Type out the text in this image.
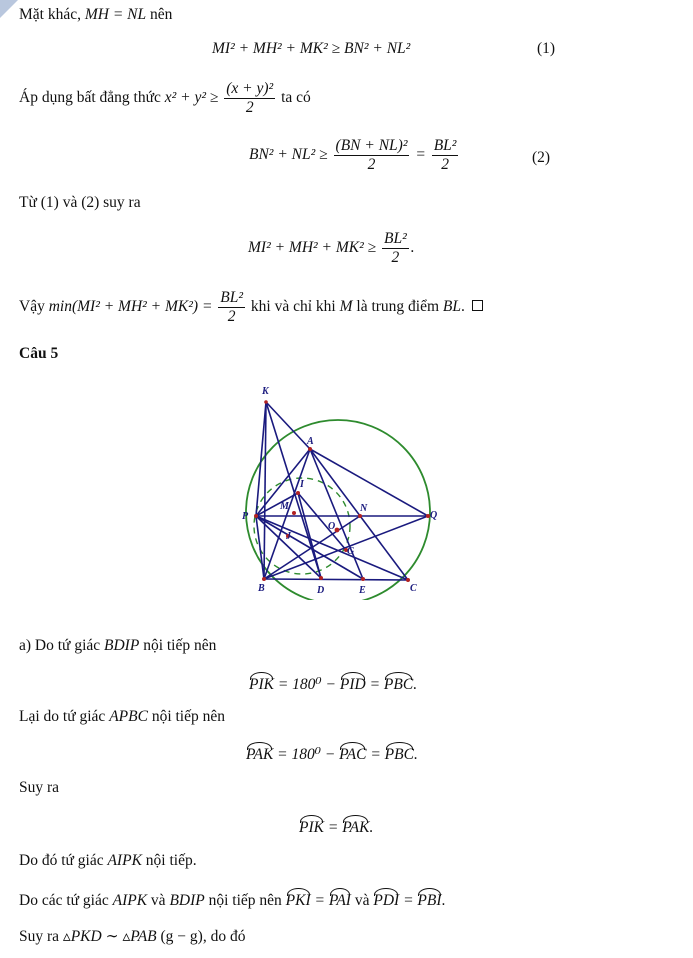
Mặt khác, MH = NL nên
MI² + MH² + MK² ≥ BN² + NL²	(1)
Áp dụng bất đẳng thức $x^2 + y^2 \ge \frac{\text{(x + y)²}}{2}$ ta có
$BN^2 + NL^2 \ge \frac{\text{(BN + NL)²}}{2} = \frac{\text{BL²}}{2}$	(2)
Từ (1) và (2) suy ra
$MI^2 + MH^2 + MK^2 \ge \frac{\text{BL²}}{2}$ .
Vậy $\min(MI^2 + MH^2 + MK^2) = \frac{\text{BL²}}{2}$ khi và chỉ khi M là trung điểm BL.
Câu 5
K
A
I
M
P
N
Q
J
O
G
B	D	E	C
a) Do tứ giác BDIP nội tiếp nên
PIK = 180⁰ − PID = PBC.
Lại do tứ giác APBC nội tiếp nên
PAK = 180⁰ − PAC = PBC.
Suy ra
PIK = PAK.
Do đó tứ giác AIPK nội tiếp.
Do các tứ giác AIPK và BDIP nội tiếp nên PKI = PAI và PDI = PBI.
Suy ra ▵PKD ∼ ▵PAB (g − g), do đó
